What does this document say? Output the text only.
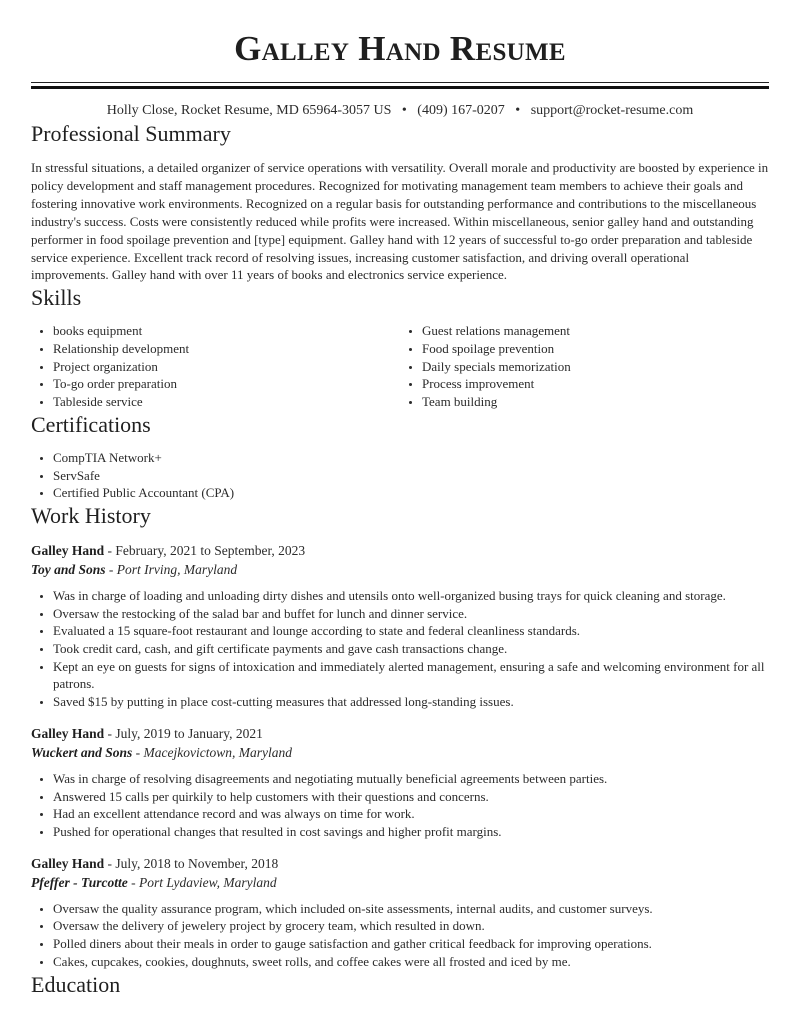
Galley Hand Resume
Holly Close, Rocket Resume, MD 65964-3057 US • (409) 167-0207 • support@rocket-resume.com
Professional Summary

In stressful situations, a detailed organizer of service operations with versatility. Overall morale and productivity are boosted by experience in policy development and staff management procedures. Recognized for motivating management team members to achieve their goals and fostering innovative work environments. Recognized on a regular basis for outstanding performance and contributions to the miscellaneous industry's success. Costs were consistently reduced while profits were increased. Within miscellaneous, senior galley hand and outstanding performer in food spoilage prevention and [type] equipment. Galley hand with 12 years of successful to-go order preparation and tableside service experience. Excellent track record of resolving issues, increasing customer satisfaction, and driving overall operational improvements. Galley hand with over 11 years of books and electronics service experience.

Skills
• books equipment
• Relationship development
• Project organization
• To-go order preparation
• Tableside service
• Guest relations management
• Food spoilage prevention
• Daily specials memorization
• Process improvement
• Team building
Certifications
• CompTIA Network+
• ServSafe
• Certified Public Accountant (CPA)
Work History
Galley Hand - February, 2021 to September, 2023
Toy and Sons - Port Irving, Maryland
• Was in charge of loading and unloading dirty dishes and utensils onto well-organized busing trays for quick cleaning and storage.
• Oversaw the restocking of the salad bar and buffet for lunch and dinner service.
• Evaluated a 15 square-foot restaurant and lounge according to state and federal cleanliness standards.
• Took credit card, cash, and gift certificate payments and gave cash transactions change.
• Kept an eye on guests for signs of intoxication and immediately alerted management, ensuring a safe and welcoming environment for all patrons.
• Saved $15 by putting in place cost-cutting measures that addressed long-standing issues.
Galley Hand - July, 2019 to January, 2021
Wuckert and Sons - Macejkovictown, Maryland
• Was in charge of resolving disagreements and negotiating mutually beneficial agreements between parties.
• Answered 15 calls per quirkily to help customers with their questions and concerns.
• Had an excellent attendance record and was always on time for work.
• Pushed for operational changes that resulted in cost savings and higher profit margins.
Galley Hand - July, 2018 to November, 2018
Pfeffer - Turcotte - Port Lydaview, Maryland
• Oversaw the quality assurance program, which included on-site assessments, internal audits, and customer surveys.
• Oversaw the delivery of jewelery project by grocery team, which resulted in down.
• Polled diners about their meals in order to gauge satisfaction and gather critical feedback for improving operations.
• Cakes, cupcakes, cookies, doughnuts, sweet rolls, and coffee cakes were all frosted and iced by me.
Education
